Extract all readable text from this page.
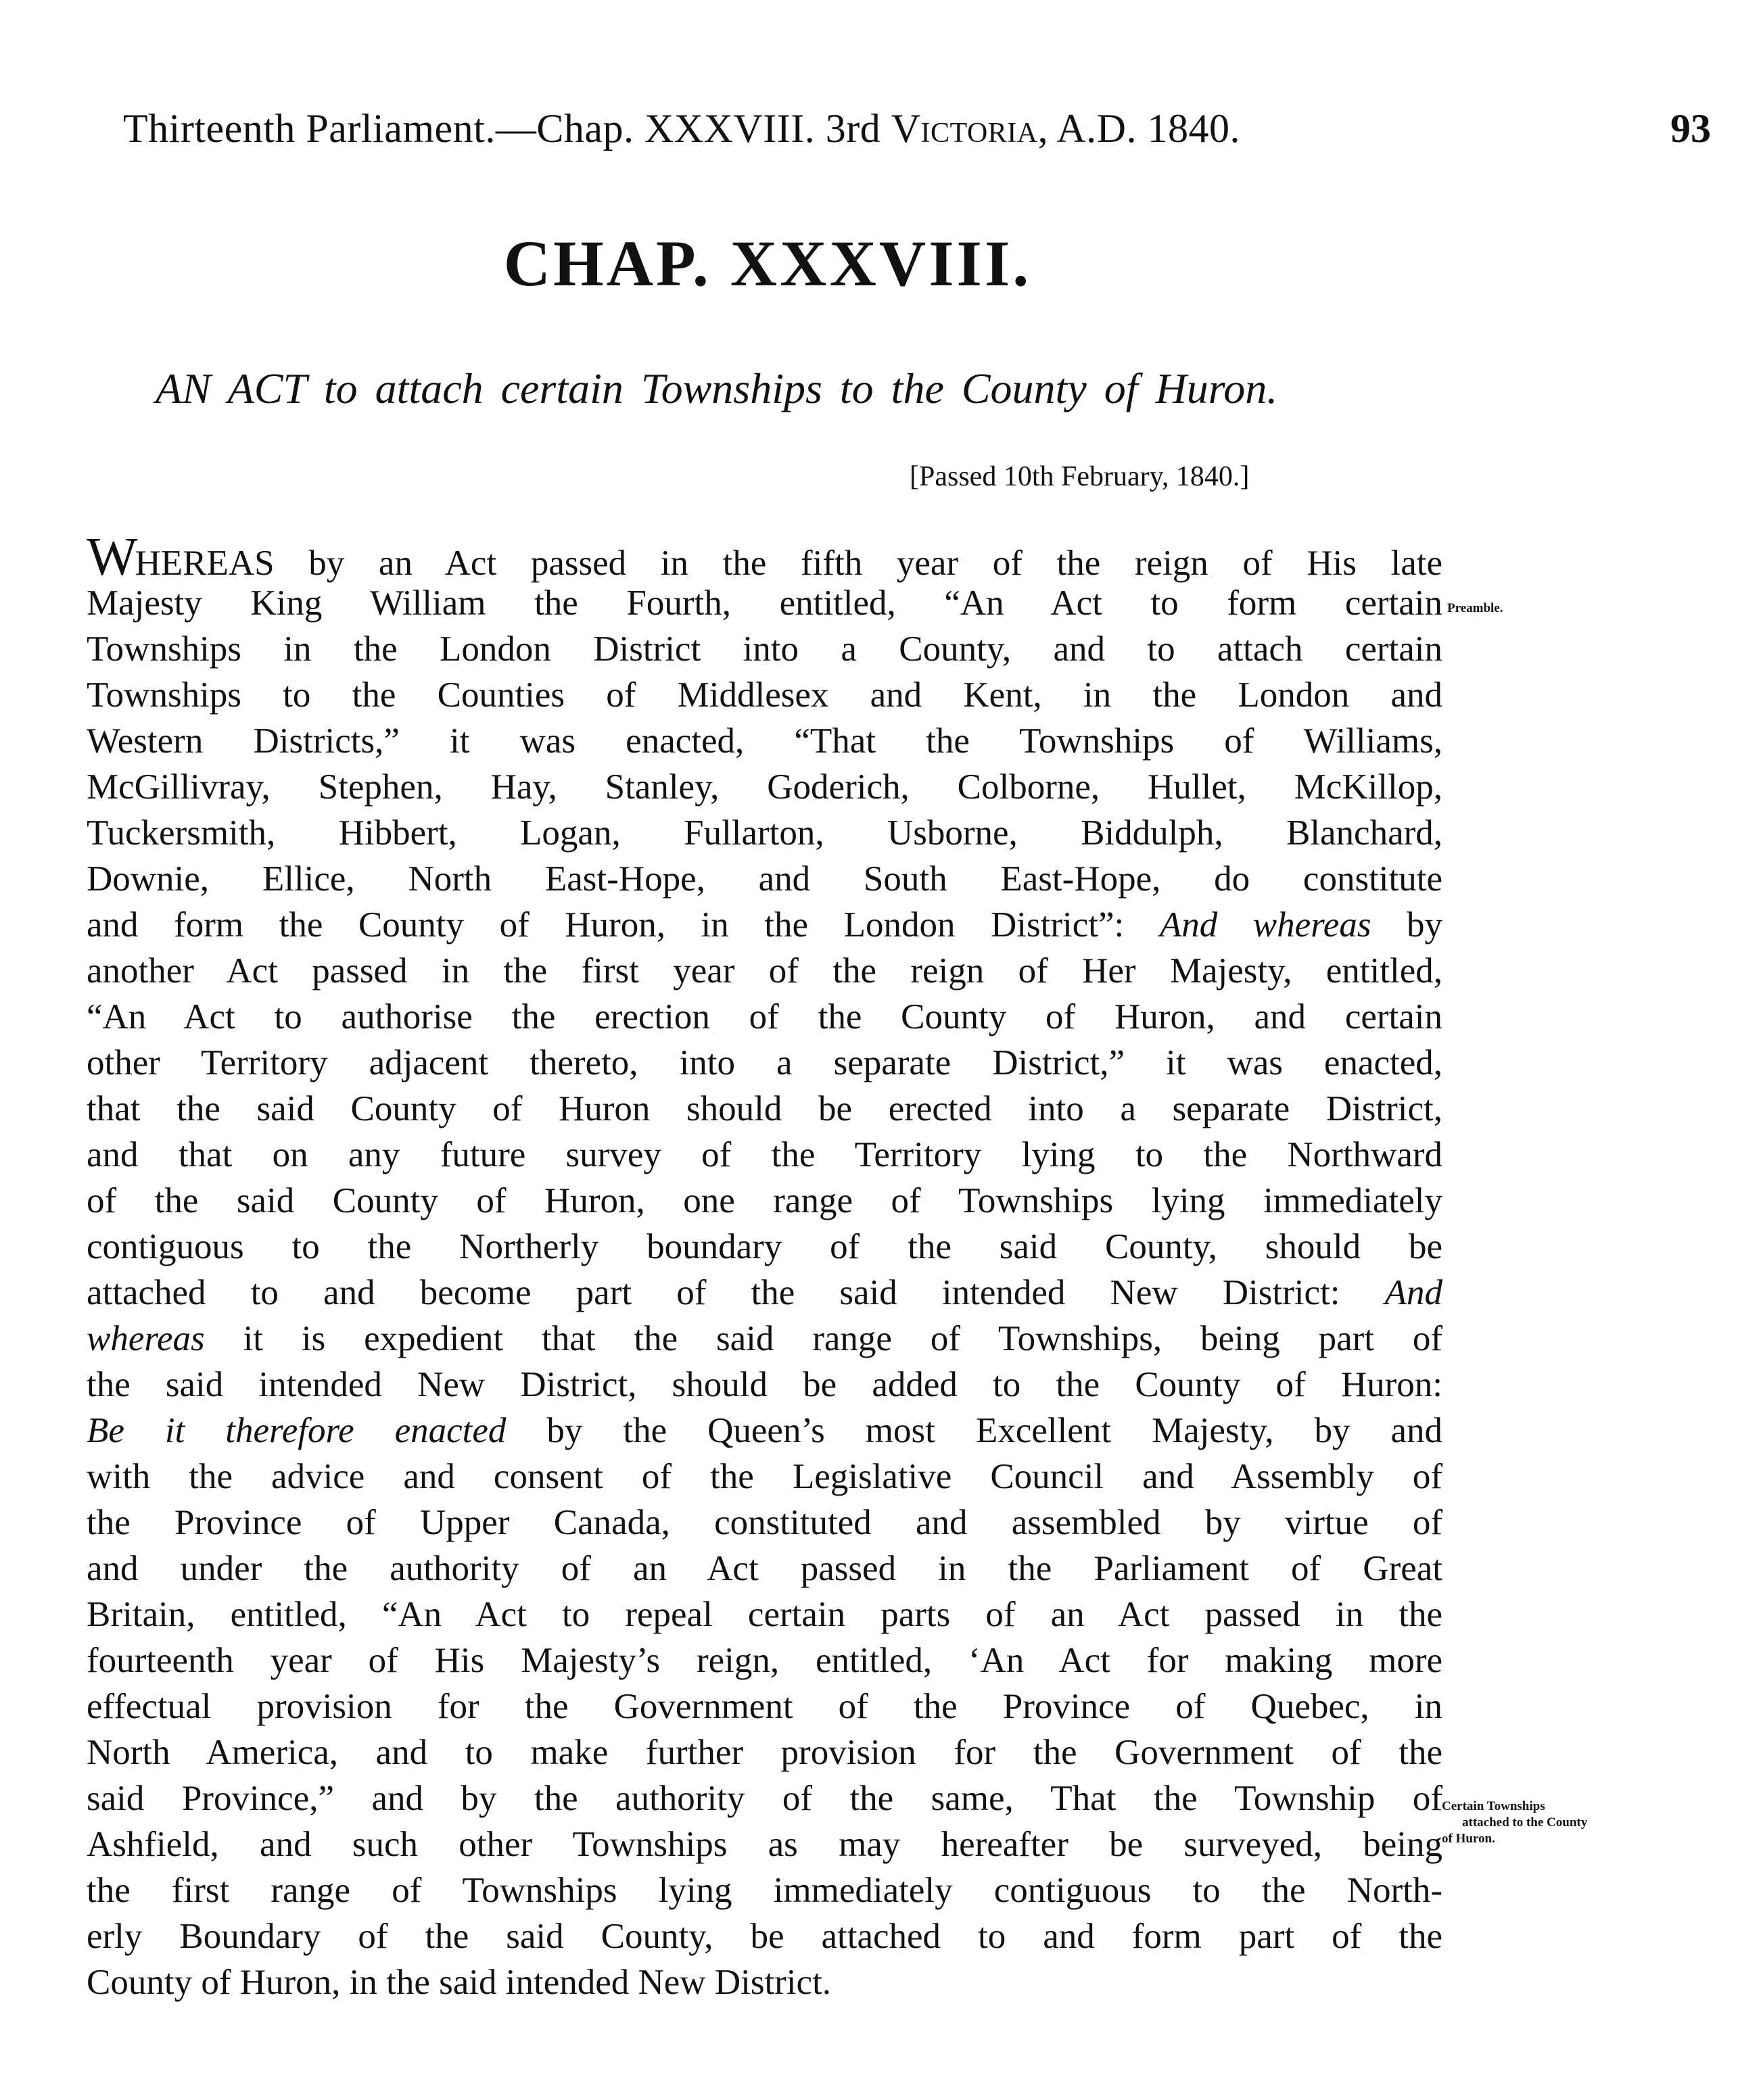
Thirteenth Parliament.—Chap. XXXVIII. 3rd Victoria, A.D. 1840.	93
CHAP. XXXVIII.
AN ACT to attach certain Townships to the County of Huron.
[Passed 10th February, 1840.]
WHEREAS by an Act passed in the fifth year of the reign of His late
Majesty King William the Fourth, entitled, “An Act to form certain
Townships in the London District into a County, and to attach certain
Townships to the Counties of Middlesex and Kent, in the London and
Western Districts,” it was enacted, “That the Townships of Williams,
McGillivray, Stephen, Hay, Stanley, Goderich, Colborne, Hullet, McKillop,
Tuckersmith, Hibbert, Logan, Fullarton, Usborne, Biddulph, Blanchard,
Downie, Ellice, North East-Hope, and South East-Hope, do constitute
and form the County of Huron, in the London District”: And whereas by
another Act passed in the first year of the reign of Her Majesty, entitled,
“An Act to authorise the erection of the County of Huron, and certain
other Territory adjacent thereto, into a separate District,” it was enacted,
that the said County of Huron should be erected into a separate District,
and that on any future survey of the Territory lying to the Northward
of the said County of Huron, one range of Townships lying immediately
contiguous to the Northerly boundary of the said County, should be
attached to and become part of the said intended New District: And
whereas it is expedient that the said range of Townships, being part of
the said intended New District, should be added to the County of Huron:
Be it therefore enacted by the Queen’s most Excellent Majesty, by and
with the advice and consent of the Legislative Council and Assembly of
the Province of Upper Canada, constituted and assembled by virtue of
and under the authority of an Act passed in the Parliament of Great
Britain, entitled, “An Act to repeal certain parts of an Act passed in the
fourteenth year of His Majesty’s reign, entitled, ‘An Act for making more
effectual provision for the Government of the Province of Quebec, in
North America, and to make further provision for the Government of the
said Province,” and by the authority of the same, That the Township of
Ashfield, and such other Townships as may hereafter be surveyed, being
the first range of Townships lying immediately contiguous to the North-
erly Boundary of the said County, be attached to and form part of the
County of Huron, in the said intended New District.
Preamble.
Certain Townships
attached to the County
of Huron.
